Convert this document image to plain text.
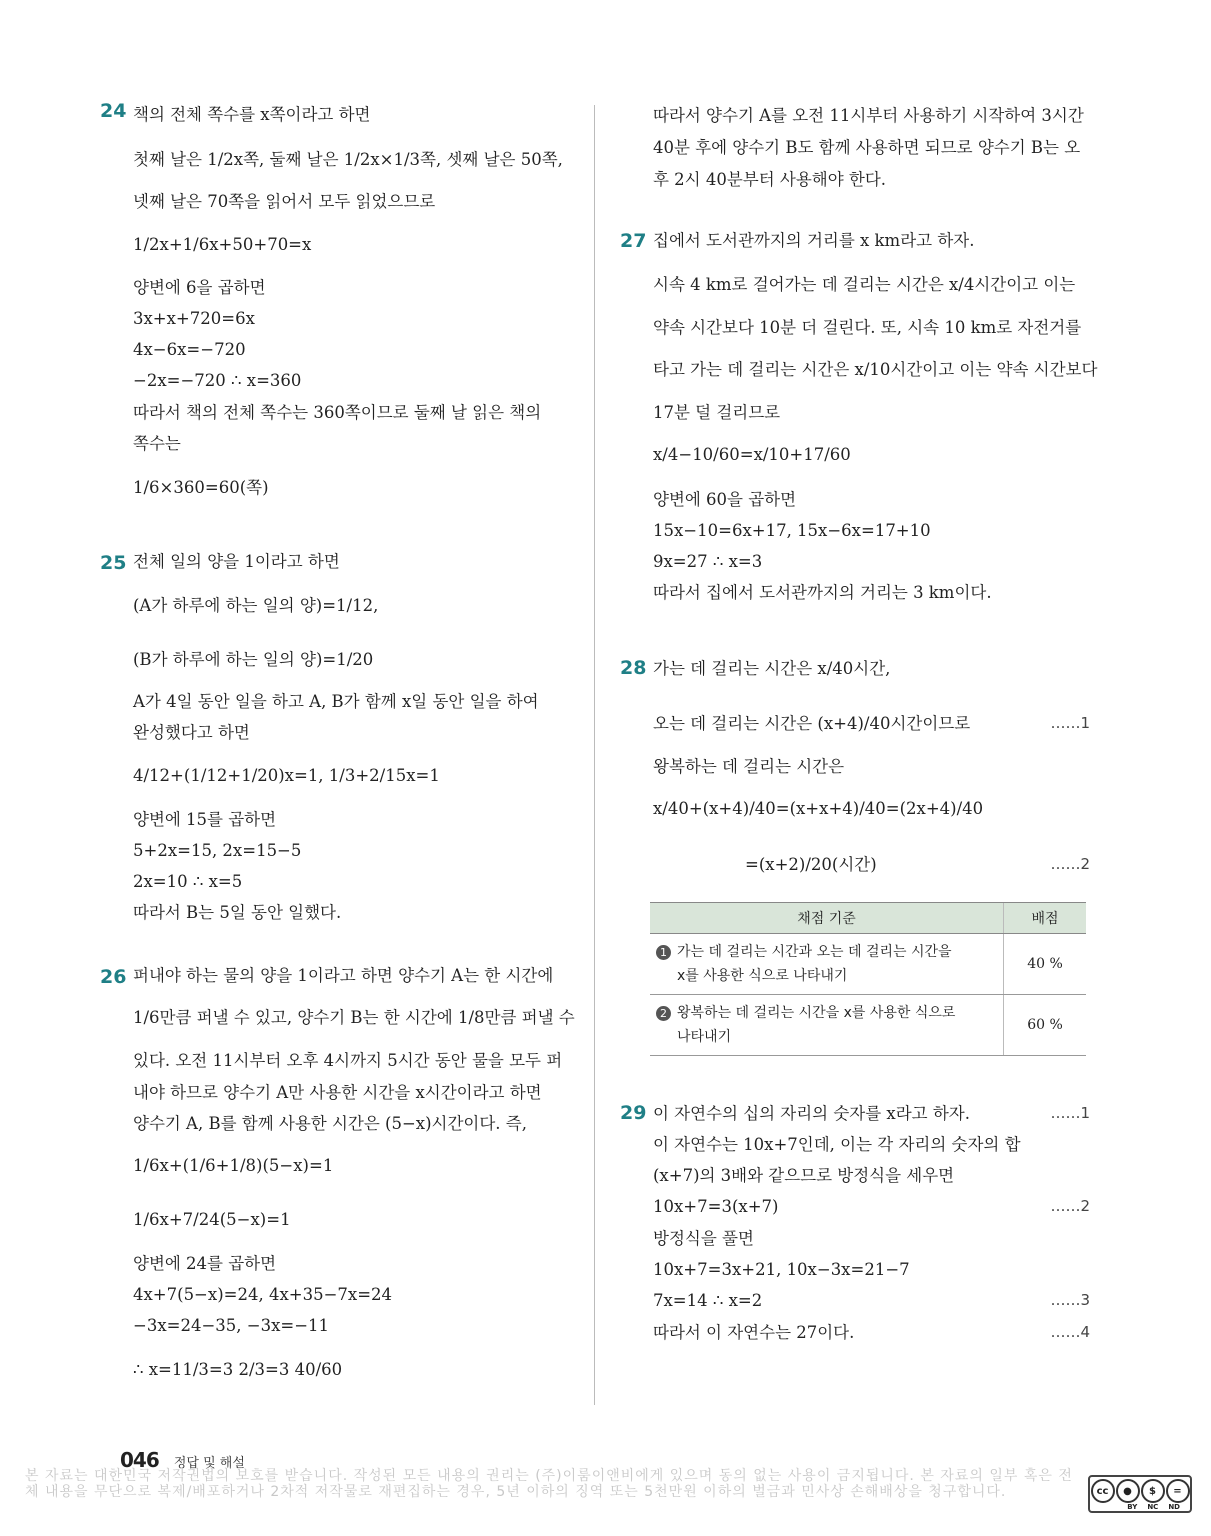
24 책의 전체 쪽수를 x쪽이라고 하면
첫째 날은 1/2x쪽, 둘째 날은 1/2x×1/3쪽, 셋째 날은 50쪽,
넷째 날은 70쪽을 읽어서 모두 읽었으므로
1/2x+1/6x+50+70=x
양변에 6을 곱하면
3x+x+720=6x
4x−6x=−720
−2x=−720 ∴ x=360
따라서 책의 전체 쪽수는 360쪽이므로 둘째 날 읽은 책의
쪽수는
1/6×360=60(쪽)
25 전체 일의 양을 1이라고 하면
(A가 하루에 하는 일의 양)=1/12,
(B가 하루에 하는 일의 양)=1/20
A가 4일 동안 일을 하고 A, B가 함께 x일 동안 일을 하여
완성했다고 하면
4/12+(1/12+1/20)x=1, 1/3+2/15x=1
양변에 15를 곱하면
5+2x=15, 2x=15−5
2x=10 ∴ x=5
따라서 B는 5일 동안 일했다.
26 퍼내야 하는 물의 양을 1이라고 하면 양수기 A는 한 시간에
1/6만큼 퍼낼 수 있고, 양수기 B는 한 시간에 1/8만큼 퍼낼 수
있다. 오전 11시부터 오후 4시까지 5시간 동안 물을 모두 퍼
내야 하므로 양수기 A만 사용한 시간을 x시간이라고 하면
양수기 A, B를 함께 사용한 시간은 (5−x)시간이다. 즉,
1/6x+(1/6+1/8)(5−x)=1
1/6x+7/24(5−x)=1
양변에 24를 곱하면
4x+7(5−x)=24, 4x+35−7x=24
−3x=24−35, −3x=−11
∴ x=11/3=3 2/3=3 40/60
따라서 양수기 A를 오전 11시부터 사용하기 시작하여 3시간
40분 후에 양수기 B도 함께 사용하면 되므로 양수기 B는 오
후 2시 40분부터 사용해야 한다.
27 집에서 도서관까지의 거리를 x km라고 하자.
시속 4 km로 걸어가는 데 걸리는 시간은 x/4시간이고 이는
약속 시간보다 10분 더 걸린다. 또, 시속 10 km로 자전거를
타고 가는 데 걸리는 시간은 x/10시간이고 이는 약속 시간보다
17분 덜 걸리므로
x/4−10/60=x/10+17/60
양변에 60을 곱하면
15x−10=6x+17, 15x−6x=17+10
9x=27 ∴ x=3
따라서 집에서 도서관까지의 거리는 3 km이다.
28 가는 데 걸리는 시간은 x/40시간,
오는 데 걸리는 시간은 (x+4)/40시간이므로	……1
왕복하는 데 걸리는 시간은
x/40+(x+4)/40=(x+x+4)/40=(2x+4)/40
=(x+2)/20(시간)	……2
채점 기준	배점
1 가는 데 걸리는 시간과 오는 데 걸리는 시간을
x를 사용한 식으로 나타내기	40 %
2 왕복하는 데 걸리는 시간을 x를 사용한 식으로
나타내기	60 %
29 이 자연수의 십의 자리의 숫자를 x라고 하자.	……1
이 자연수는 10x+7인데, 이는 각 자리의 숫자의 합
(x+7)의 3배와 같으므로 방정식을 세우면
10x+7=3(x+7)	……2
방정식을 풀면
10x+7=3x+21, 10x−3x=21−7
7x=14 ∴ x=2	……3
따라서 이 자연수는 27이다.	……4
046 정답 및 해설
본 자료는 대한민국 저작권법의 보호를 받습니다. 작성된 모든 내용의 권리는 (주)이룸이앤비에게 있으며 동의 없는 사용이 금지됩니다. 본 자료의 일부 혹은 전체 내용을 무단으로 복제/배포하거나 2차적 저작물로 재편집하는 경우, 5년 이하의 징역 또는 5천만원 이하의 벌금과 민사상 손해배상을 청구합니다.	cc	●	$	=
BY NC ND
